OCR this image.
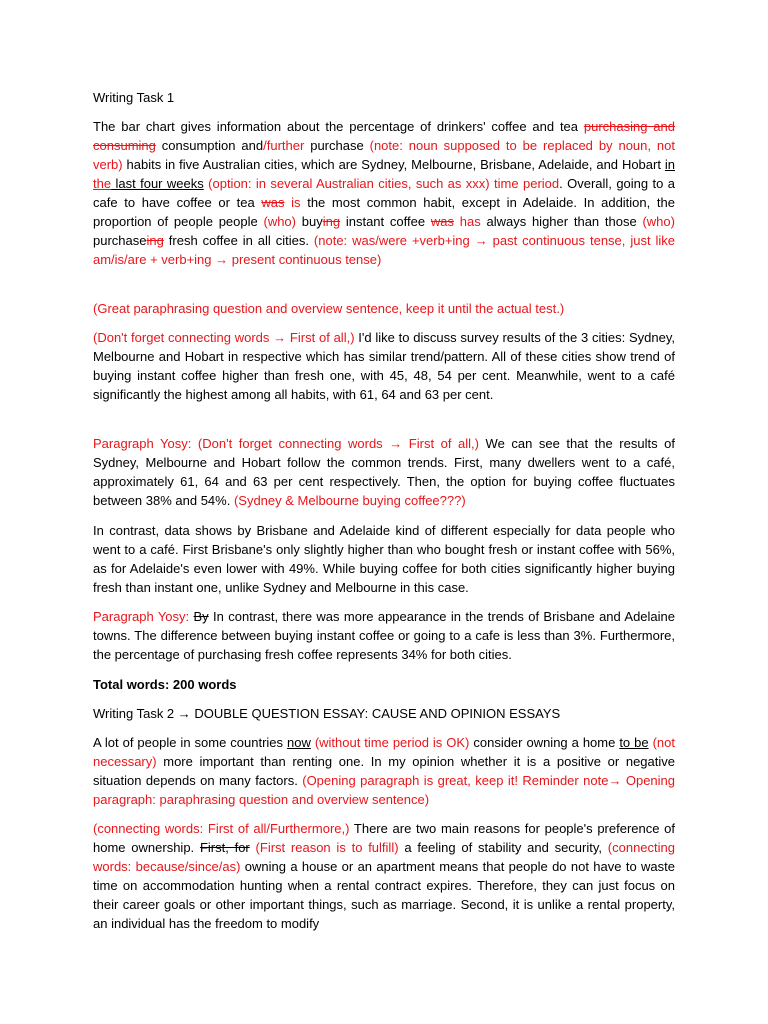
Writing Task 1

The bar chart gives information about the percentage of drinkers' coffee and tea purchasing and consuming consumption and/further purchase (note: noun supposed to be replaced by noun, not verb) habits in five Australian cities, which are Sydney, Melbourne, Brisbane, Adelaide, and Hobart in the last four weeks (option: in several Australian cities, such as xxx) time period. Overall, going to a cafe to have coffee or tea was is the most common habit, except in Adelaide. In addition, the proportion of people people (who) buying instant coffee was has always higher than those (who) purchaseing fresh coffee in all cities. (note: was/were +verb+ing → past continuous tense, just like am/is/are + verb+ing → present continuous tense)

(Great paraphrasing question and overview sentence, keep it until the actual test.)

(Don't forget connecting words → First of all,) I'd like to discuss survey results of the 3 cities: Sydney, Melbourne and Hobart in respective which has similar trend/pattern. All of these cities show trend of buying instant coffee higher than fresh one, with 45, 48, 54 per cent. Meanwhile, went to a café significantly the highest among all habits, with 61, 64 and 63 per cent.

Paragraph Yosy: (Don't forget connecting words → First of all,) We can see that the results of Sydney, Melbourne and Hobart follow the common trends. First, many dwellers went to a café, approximately 61, 64 and 63 per cent respectively. Then, the option for buying coffee fluctuates between 38% and 54%. (Sydney & Melbourne buying coffee???)

In contrast, data shows by Brisbane and Adelaide kind of different especially for data people who went to a café. First Brisbane's only slightly higher than who bought fresh or instant coffee with 56%, as for Adelaide's even lower with 49%. While buying coffee for both cities significantly higher buying fresh than instant one, unlike Sydney and Melbourne in this case.

Paragraph Yosy: By In contrast, there was more appearance in the trends of Brisbane and Adelaine towns. The difference between buying instant coffee or going to a cafe is less than 3%. Furthermore, the percentage of purchasing fresh coffee represents 34% for both cities.

Total words: 200 words

Writing Task 2 → DOUBLE QUESTION ESSAY: CAUSE AND OPINION ESSAYS

A lot of people in some countries now (without time period is OK) consider owning a home to be (not necessary) more important than renting one. In my opinion whether it is a positive or negative situation depends on many factors. (Opening paragraph is great, keep it! Reminder note→ Opening paragraph: paraphrasing question and overview sentence)

(connecting words: First of all/Furthermore,) There are two main reasons for people's preference of home ownership. First, for (First reason is to fulfill) a feeling of stability and security, (connecting words: because/since/as) owning a house or an apartment means that people do not have to waste time on accommodation hunting when a rental contract expires. Therefore, they can just focus on their career goals or other important things, such as marriage. Second, it is unlike a rental property, an individual has the freedom to modify
